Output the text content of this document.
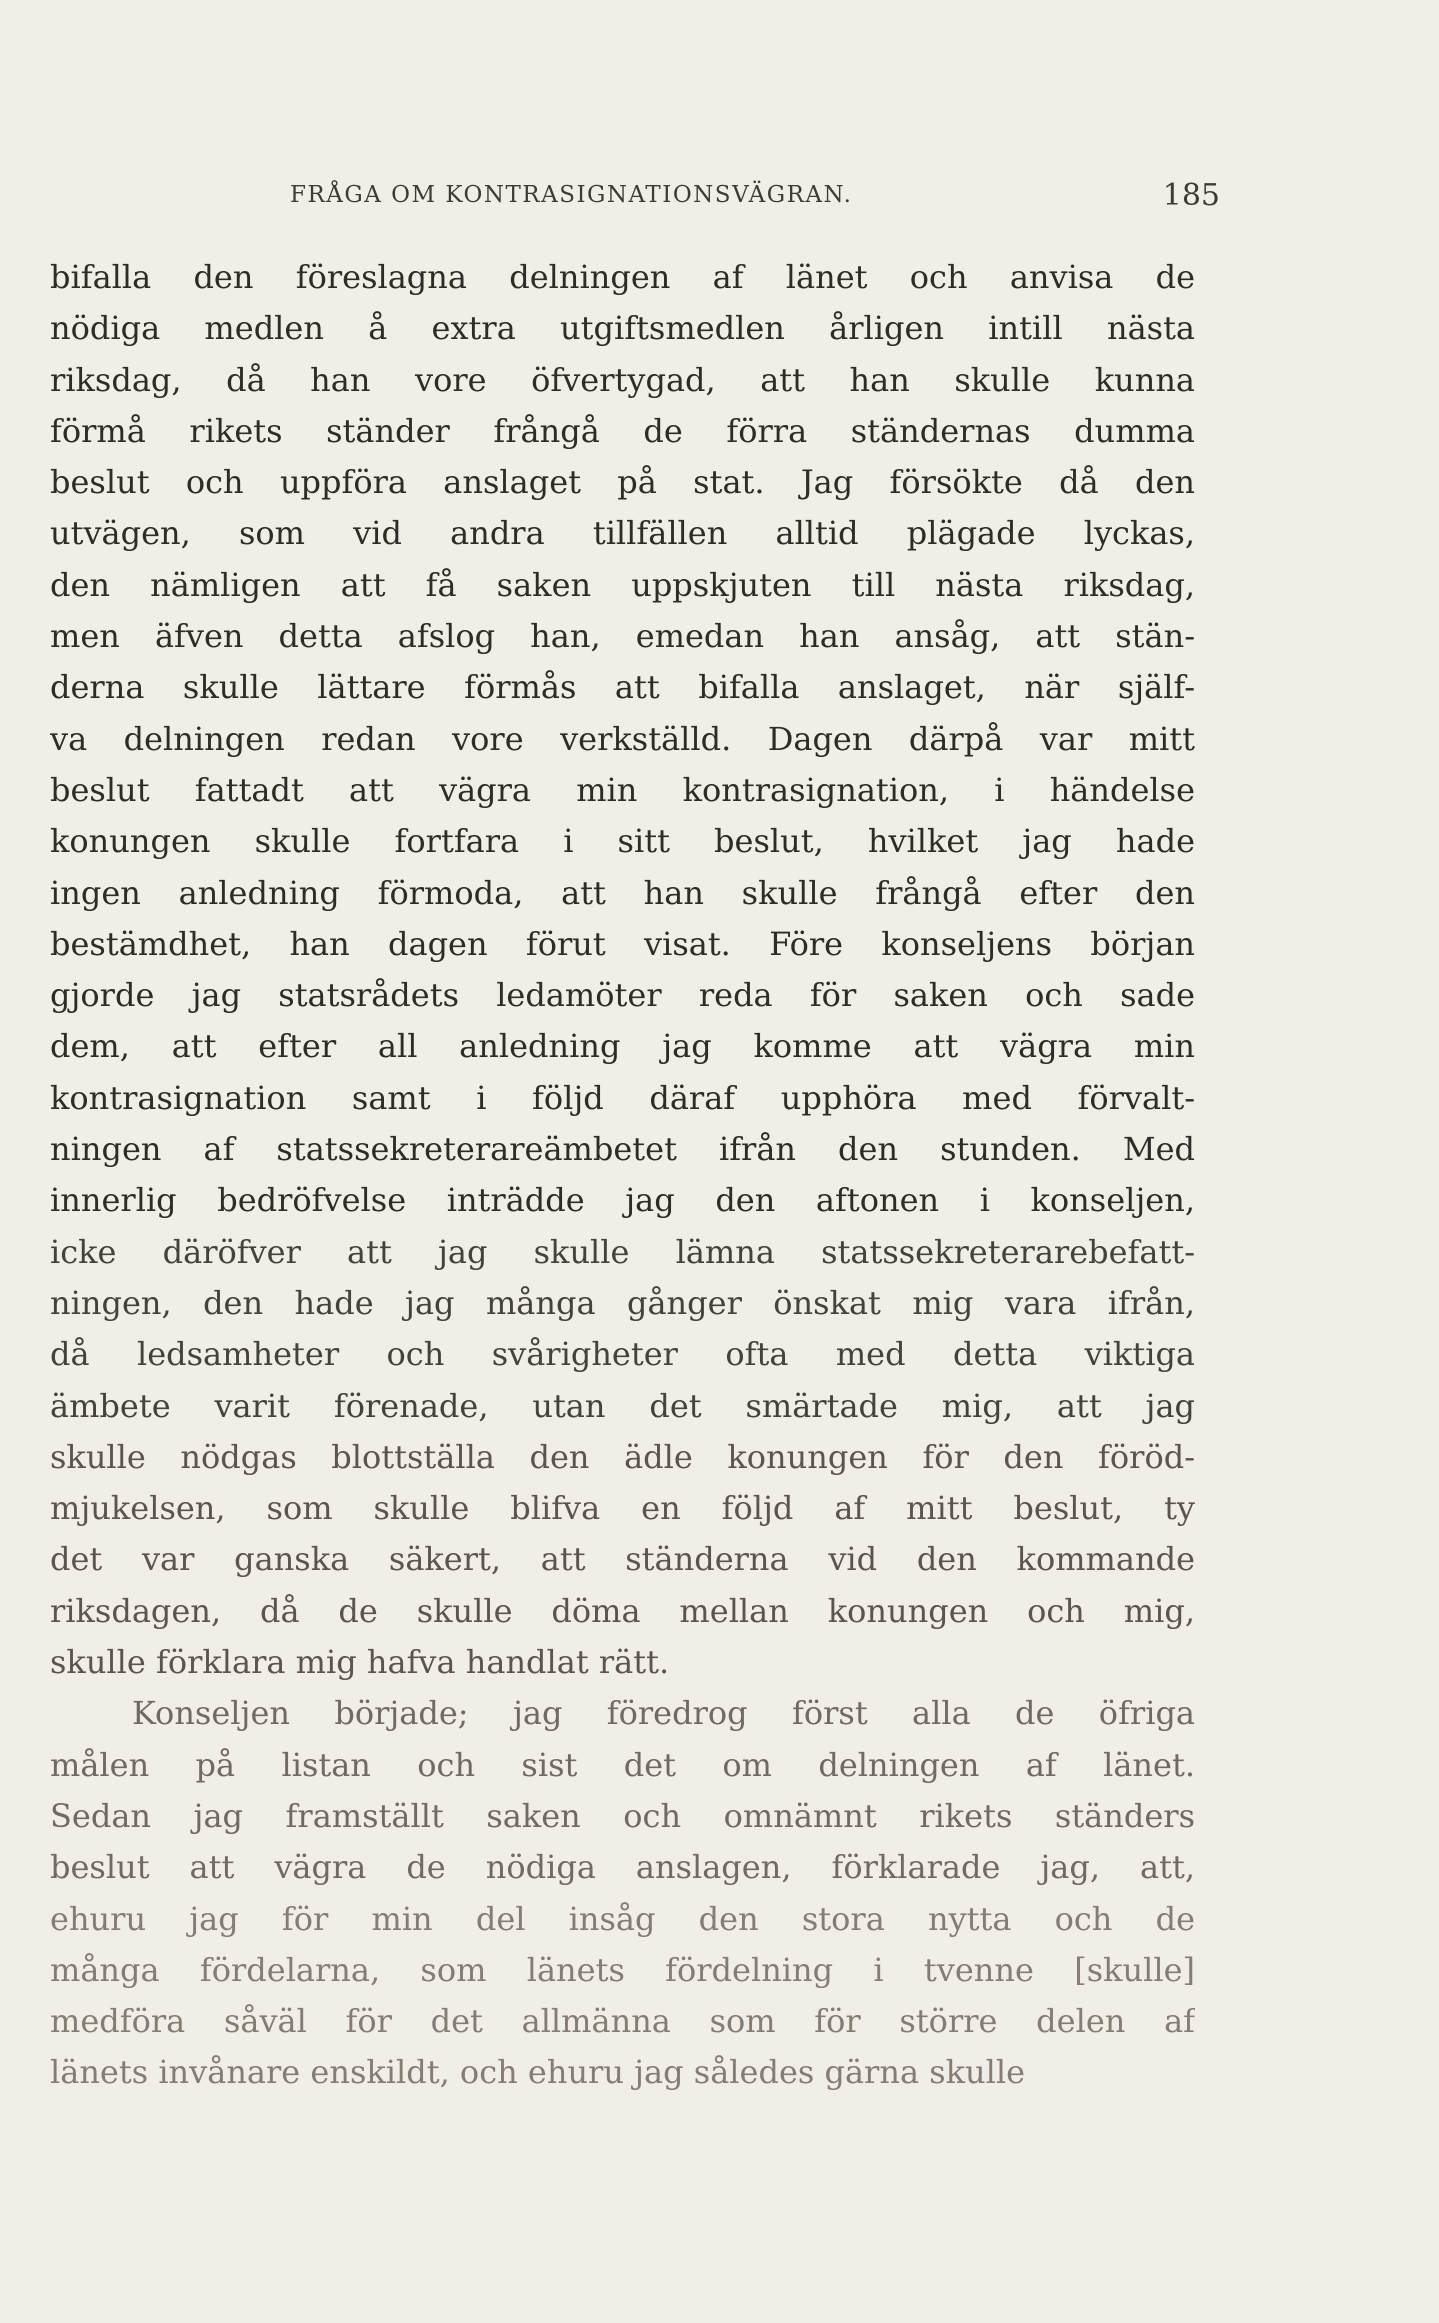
FRÅGA OM KONTRASIGNATIONSVÄGRAN.	185
bifalla den föreslagna delningen af länet och anvisa de
nödiga medlen å extra utgiftsmedlen årligen intill nästa
riksdag, då han vore öfvertygad, att han skulle kunna
förmå rikets ständer frångå de förra ständernas dumma
beslut och uppföra anslaget på stat. Jag försökte då den
utvägen, som vid andra tillfällen alltid plägade lyckas,
den nämligen att få saken uppskjuten till nästa riksdag,
men äfven detta afslog han, emedan han ansåg, att stän-
derna skulle lättare förmås att bifalla anslaget, när själf-
va delningen redan vore verkställd. Dagen därpå var mitt
beslut fattadt att vägra min kontrasignation, i händelse
konungen skulle fortfara i sitt beslut, hvilket jag hade
ingen anledning förmoda, att han skulle frångå efter den
bestämdhet, han dagen förut visat. Före konseljens början
gjorde jag statsrådets ledamöter reda för saken och sade
dem, att efter all anledning jag komme att vägra min
kontrasignation samt i följd däraf upphöra med förvalt-
ningen af statssekreterareämbetet ifrån den stunden. Med
innerlig bedröfvelse inträdde jag den aftonen i konseljen,
icke däröfver att jag skulle lämna statssekreterarebefatt-
ningen, den hade jag många gånger önskat mig vara ifrån,
då ledsamheter och svårigheter ofta med detta viktiga
ämbete varit förenade, utan det smärtade mig, att jag
skulle nödgas blottställa den ädle konungen för den föröd-
mjukelsen, som skulle blifva en följd af mitt beslut, ty
det var ganska säkert, att ständerna vid den kommande
riksdagen, då de skulle döma mellan konungen och mig,
skulle förklara mig hafva handlat rätt.
Konseljen började; jag föredrog först alla de öfriga
målen på listan och sist det om delningen af länet.
Sedan jag framställt saken och omnämnt rikets ständers
beslut att vägra de nödiga anslagen, förklarade jag, att,
ehuru jag för min del insåg den stora nytta och de
många fördelarna, som länets fördelning i tvenne [skulle]
medföra såväl för det allmänna som för större delen af
länets invånare enskildt, och ehuru jag således gärna skulle
